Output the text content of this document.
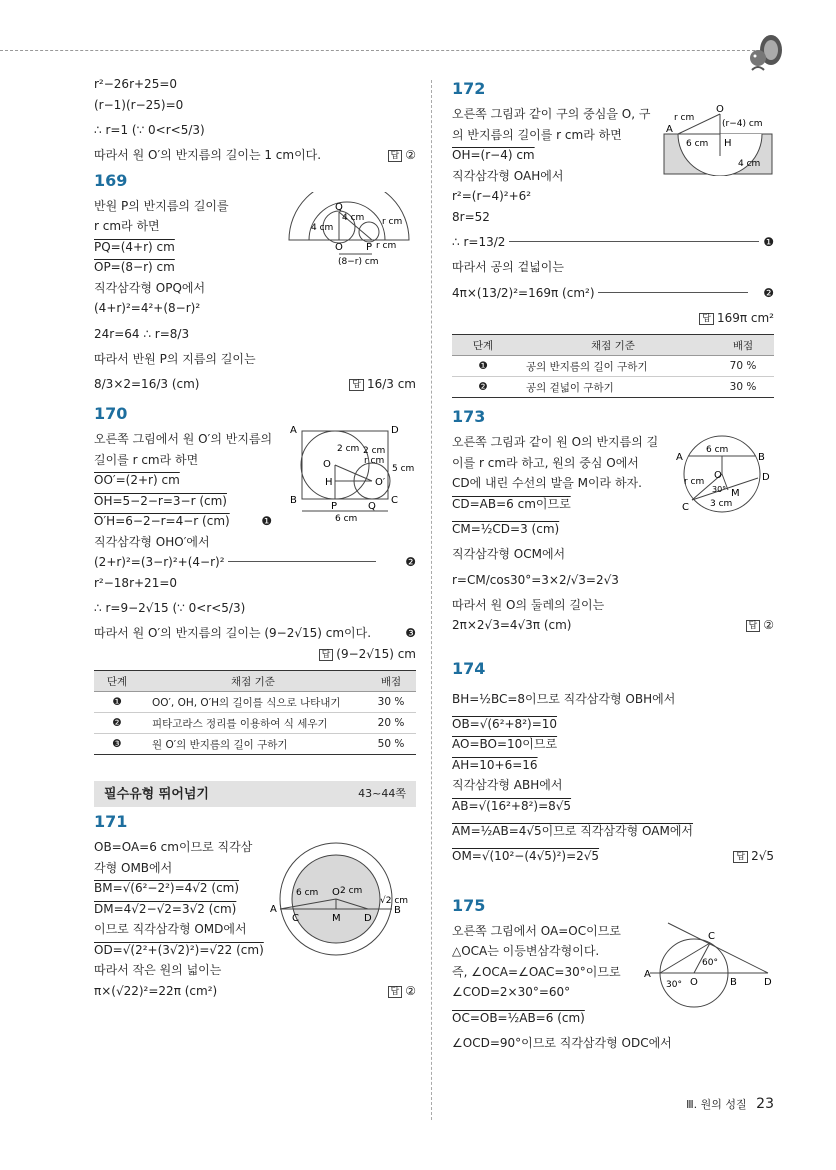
r²−26r+25=0
(r−1)(r−25)=0
∴ r=1 (∵ 0<r<5/3)
따라서 원 O′의 반지름의 길이는 1 cm이다.	답 ②
169
Q
4 cm
4 cm r cm
O P r cm
(8−r) cm
반원 P의 반지름의 길이를
r cm라 하면
PQ=(4+r) cm
OP=(8−r) cm
직각삼각형 OPQ에서
(4+r)²=4²+(8−r)²
24r=64 ∴ r=8/3
따라서 반원 P의 지름의 길이는
8/3×2=16/3 (cm)	답 16/3 cm
170
A	D
2 cm 2 cm
r cm
O	5 cm
O′
H
B
P	Q
C
6 cm
오른쪽 그림에서 원 O′의 반지름의
길이를 r cm라 하면
OO′=(2+r) cm
OH=5−2−r=3−r (cm)
O′H=6−2−r=4−r (cm)	❶
직각삼각형 OHO′에서
(2+r)²=(3−r)²+(4−r)²	❷
r²−18r+21=0
∴ r=9−2√15 (∵ 0<r<5/3)
따라서 원 O′의 반지름의 길이는 (9−2√15) cm이다.	❸
답 (9−2√15) cm
단계	채점 기준	배점
❶	OO′, OH, O′H의 길이를 식으로 나타내기	30 %
❷	피타고라스 정리를 이용하여 식 세우기	20 %
❸	원 O′의 반지름의 길이 구하기	50 %
필수유형 뛰어넘기	43~44쪽
171
6 cm O 2 cm
√2 cm
A
C	M D
B
OB=OA=6 cm이므로 직각삼
각형 OMB에서
BM=√(6²−2²)=4√2 (cm)
DM=4√2−√2=3√2 (cm)
이므로 직각삼각형 OMD에서
OD=√(2²+(3√2)²)=√22 (cm)
따라서 작은 원의 넓이는
π×(√22)²=22π (cm²)	답 ②
172
O
r cm
(r−4) cm
A
6 cm H
4 cm
오른쪽 그림과 같이 구의 중심을 O, 구
의 반지름의 길이를 r cm라 하면
OH=(r−4) cm
직각삼각형 OAH에서
r²=(r−4)²+6²
8r=52
∴ r=13/2	❶
따라서 공의 겉넓이는
4π×(13/2)²=169π (cm²)	❷
답 169π cm²
단계	채점 기준	배점
❶	공의 반지름의 길이 구하기	70 %
❷	공의 겉넓이 구하기	30 %
173
A
6 cm
B
O
r cm	D
30° M
C 3 cm
오른쪽 그림과 같이 원 O의 반지름의 길
이를 r cm라 하고, 원의 중심 O에서
CD에 내린 수선의 발을 M이라 하자.
CD=AB=6 cm이므로
CM=½CD=3 (cm)
직각삼각형 OCM에서
r=CM/cos30°=3×2/√3=2√3
따라서 원 O의 둘레의 길이는
2π×2√3=4√3π (cm)	답 ②
174
BH=½BC=8이므로 직각삼각형 OBH에서
OB=√(6²+8²)=10
AO=BO=10이므로
AH=10+6=16
직각삼각형 ABH에서
AB=√(16²+8²)=8√5
AM=½AB=4√5이므로 직각삼각형 OAM에서
OM=√(10²−(4√5)²)=2√5	답 2√5
175
C
60°
A
30° O	B	D
오른쪽 그림에서 OA=OC이므로
△OCA는 이등변삼각형이다.
즉, ∠OCA=∠OAC=30°이므로
∠COD=2×30°=60°
OC=OB=½AB=6 (cm)
∠OCD=90°이므로 직각삼각형 ODC에서
Ⅲ. 원의 성질 23
